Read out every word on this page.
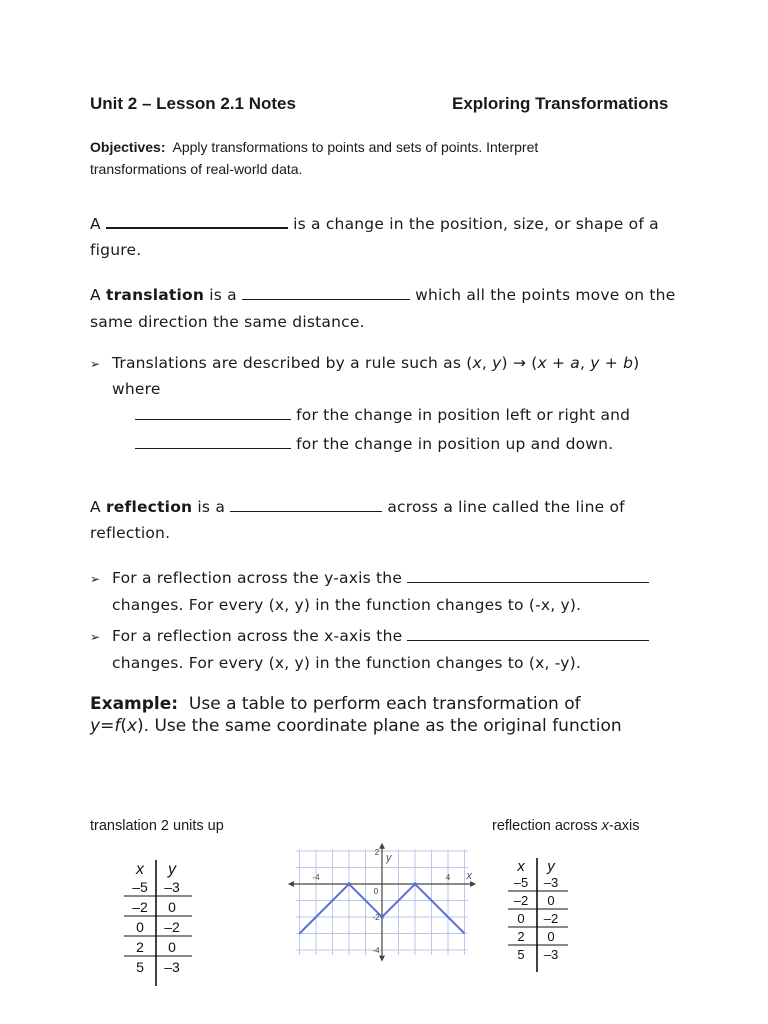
Unit 2 – Lesson 2.1 Notes	Exploring Transformations
Objectives: Apply transformations to points and sets of points. Interpret
transformations of real-world data.
A	is a change in the position, size, or shape of a
figure.
A translation is a	which all the points move on the
same direction the same distance.
➢ Translations are described by a rule such as (x, y) → (x + a, y + b)
where
for the change in position left or right and
for the change in position up and down.
A reflection is a	across a line called the line of
reflection.
➢ For a reflection across the y-axis the
changes. For every (x, y) in the function changes to (-x, y).
➢ For a reflection across the x-axis the
changes. For every (x, y) in the function changes to (x, -y).
Example: Use a table to perform each transformation of
y=f(x). Use the same coordinate plane as the original function
translation 2 units up	reflection across x-axis
x y
–5 –3
–2 0
0 –2
2 0
5 –3
x
y
-4	4
0
2
-2
-4
x y
–5 –3
–2 0
0 –2
2 0
5 –3
